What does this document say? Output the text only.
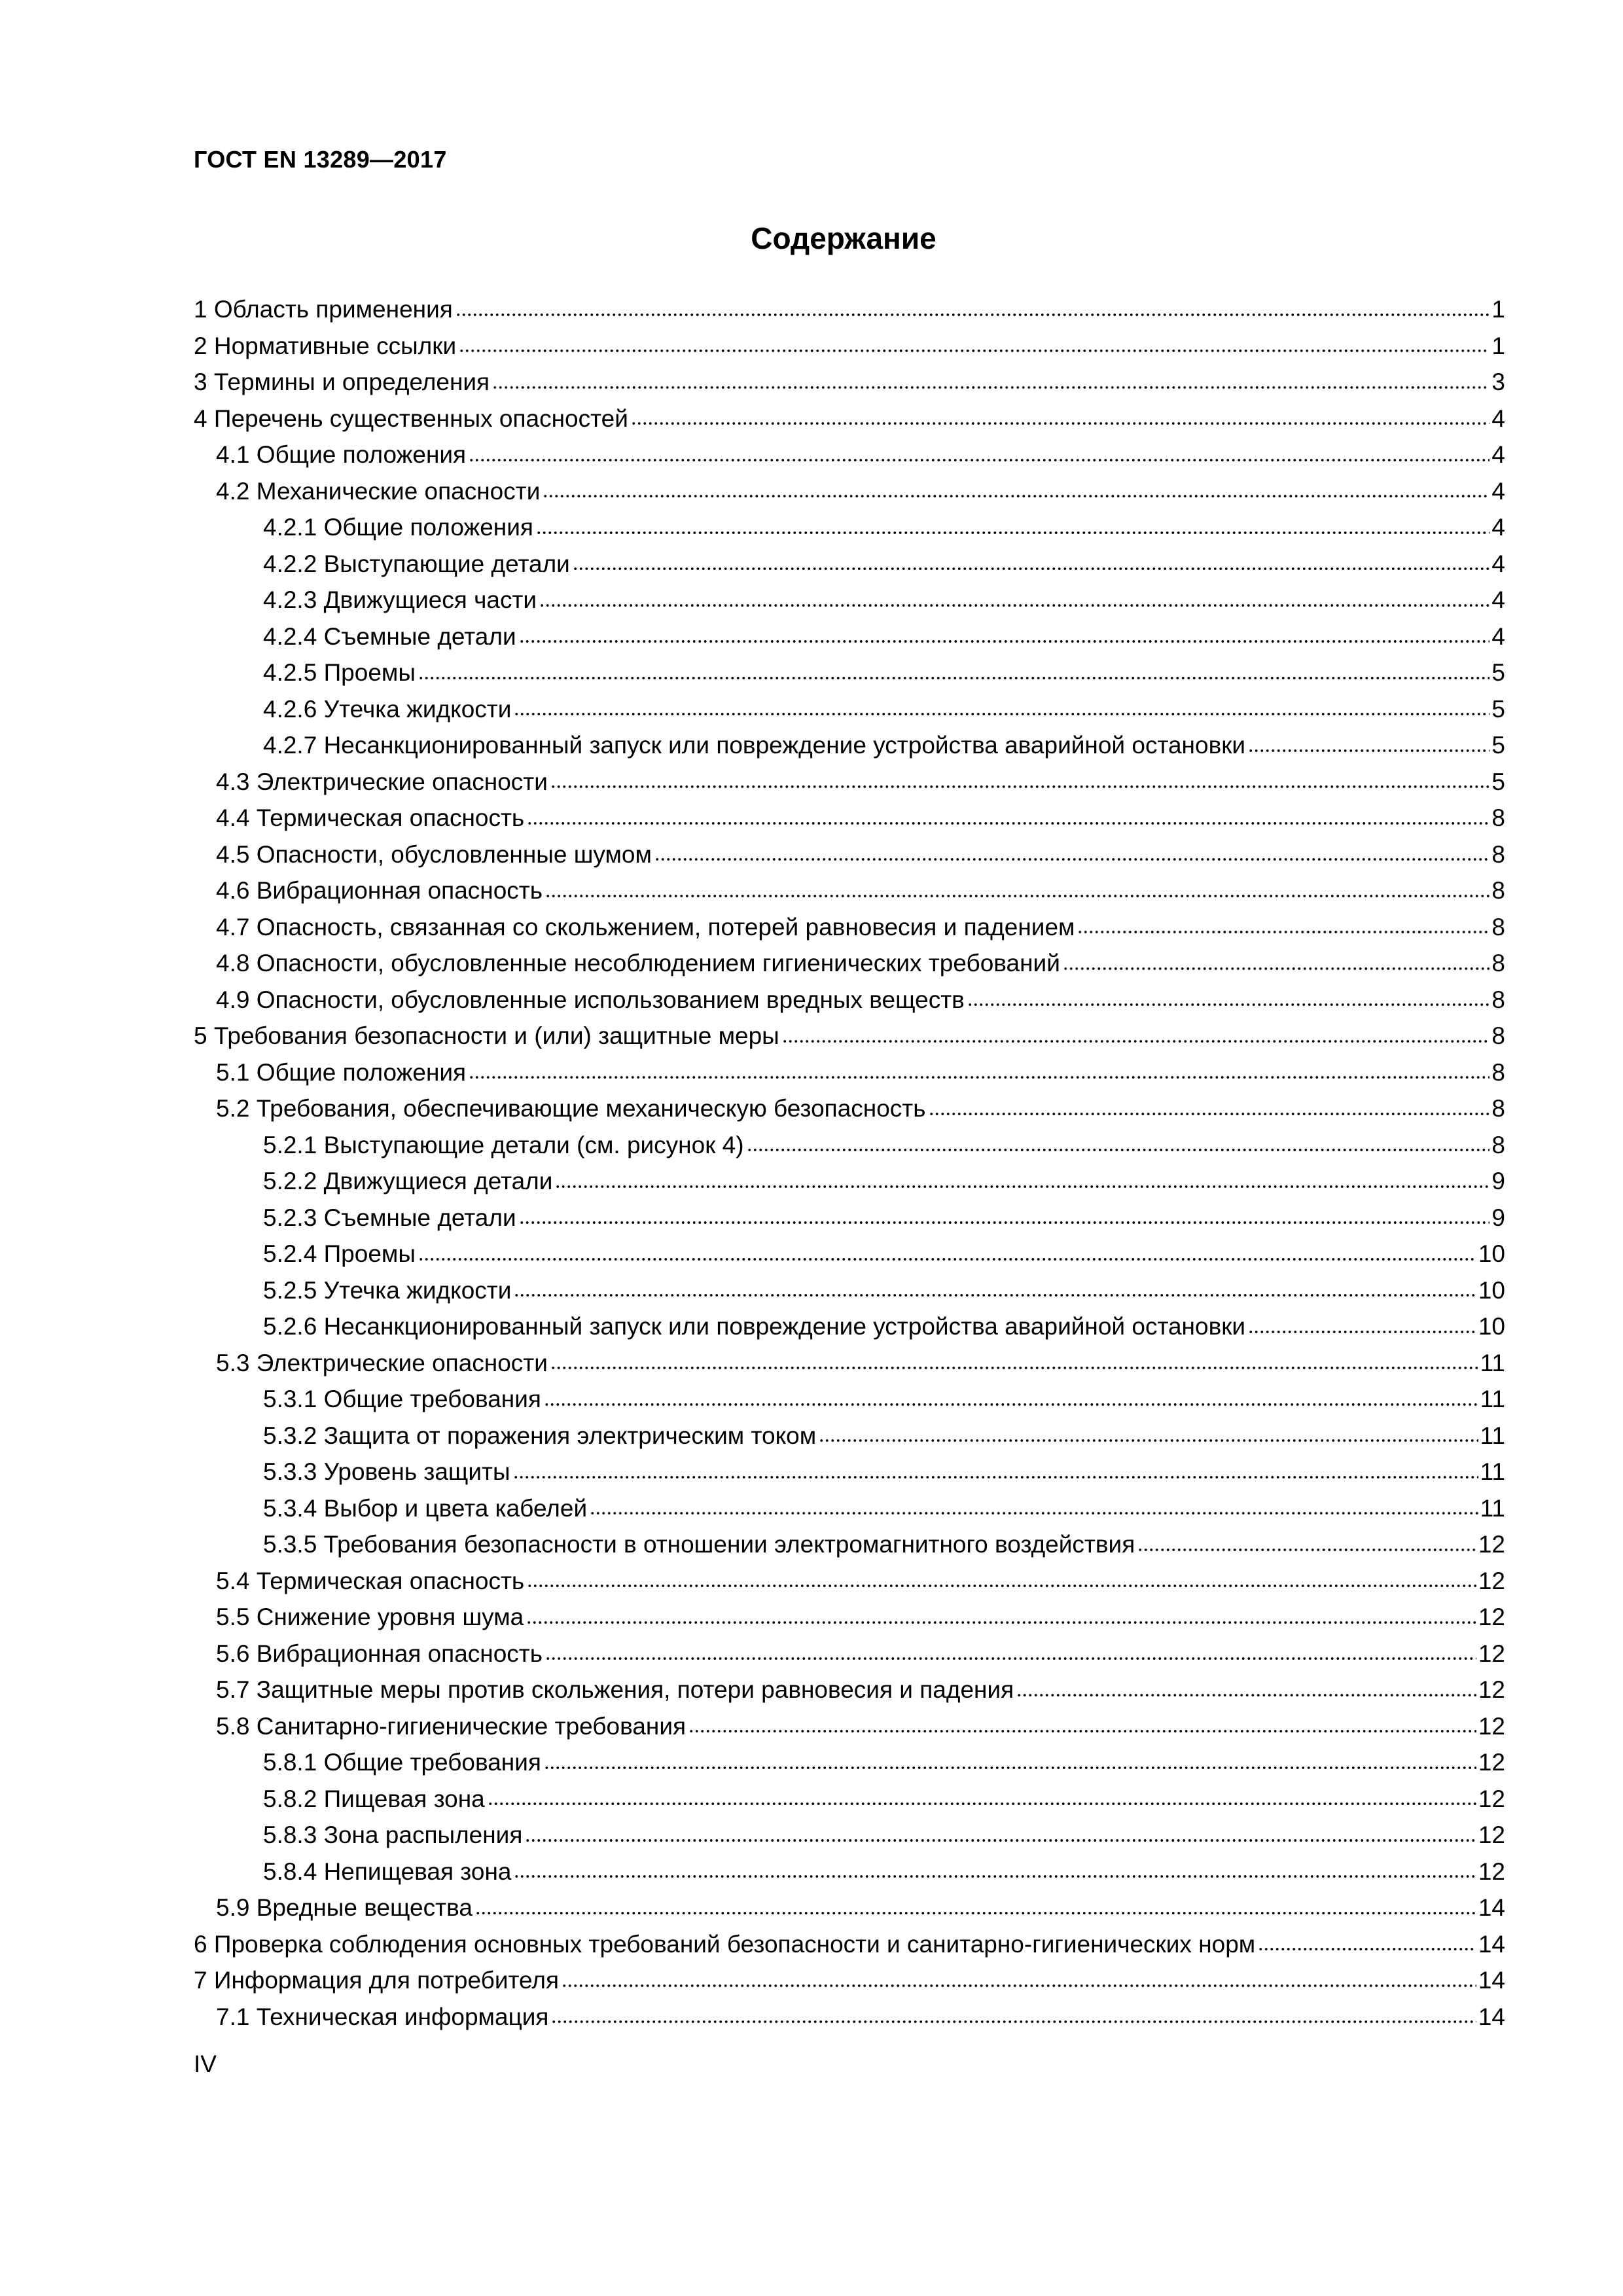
ГОСТ EN 13289—2017
Содержание
1 Область применения	1
2 Нормативные ссылки	1
3 Термины и определения	3
4 Перечень существенных опасностей	4
4.1 Общие положения	4
4.2 Механические опасности	4
4.2.1 Общие положения	4
4.2.2 Выступающие детали	4
4.2.3 Движущиеся части	4
4.2.4 Съемные детали	4
4.2.5 Проемы	5
4.2.6 Утечка жидкости	5
4.2.7 Несанкционированный запуск или повреждение устройства аварийной остановки	5
4.3 Электрические опасности	5
4.4 Термическая опасность	8
4.5 Опасности, обусловленные шумом	8
4.6 Вибрационная опасность	8
4.7 Опасность, связанная со скольжением, потерей равновесия и падением	8
4.8 Опасности, обусловленные несоблюдением гигиенических требований	8
4.9 Опасности, обусловленные использованием вредных веществ	8
5 Требования безопасности и (или) защитные меры	8
5.1 Общие положения	8
5.2 Требования, обеспечивающие механическую безопасность	8
5.2.1 Выступающие детали (см. рисунок 4)	8
5.2.2 Движущиеся детали	9
5.2.3 Съемные детали	9
5.2.4 Проемы	10
5.2.5 Утечка жидкости	10
5.2.6 Несанкционированный запуск или повреждение устройства аварийной остановки	10
5.3 Электрические опасности	11
5.3.1 Общие требования	11
5.3.2 Защита от поражения электрическим током	11
5.3.3 Уровень защиты	11
5.3.4 Выбор и цвета кабелей	11
5.3.5 Требования безопасности в отношении электромагнитного воздействия	12
5.4 Термическая опасность	12
5.5 Снижение уровня шума	12
5.6 Вибрационная опасность	12
5.7 Защитные меры против скольжения, потери равновесия и падения	12
5.8 Санитарно-гигиенические требования	12
5.8.1 Общие требования	12
5.8.2 Пищевая зона	12
5.8.3 Зона распыления	12
5.8.4 Непищевая зона	12
5.9 Вредные вещества	14
6 Проверка соблюдения основных требований безопасности и санитарно-гигиенических норм	14
7 Информация для потребителя	14
7.1 Техническая информация	14
IV
